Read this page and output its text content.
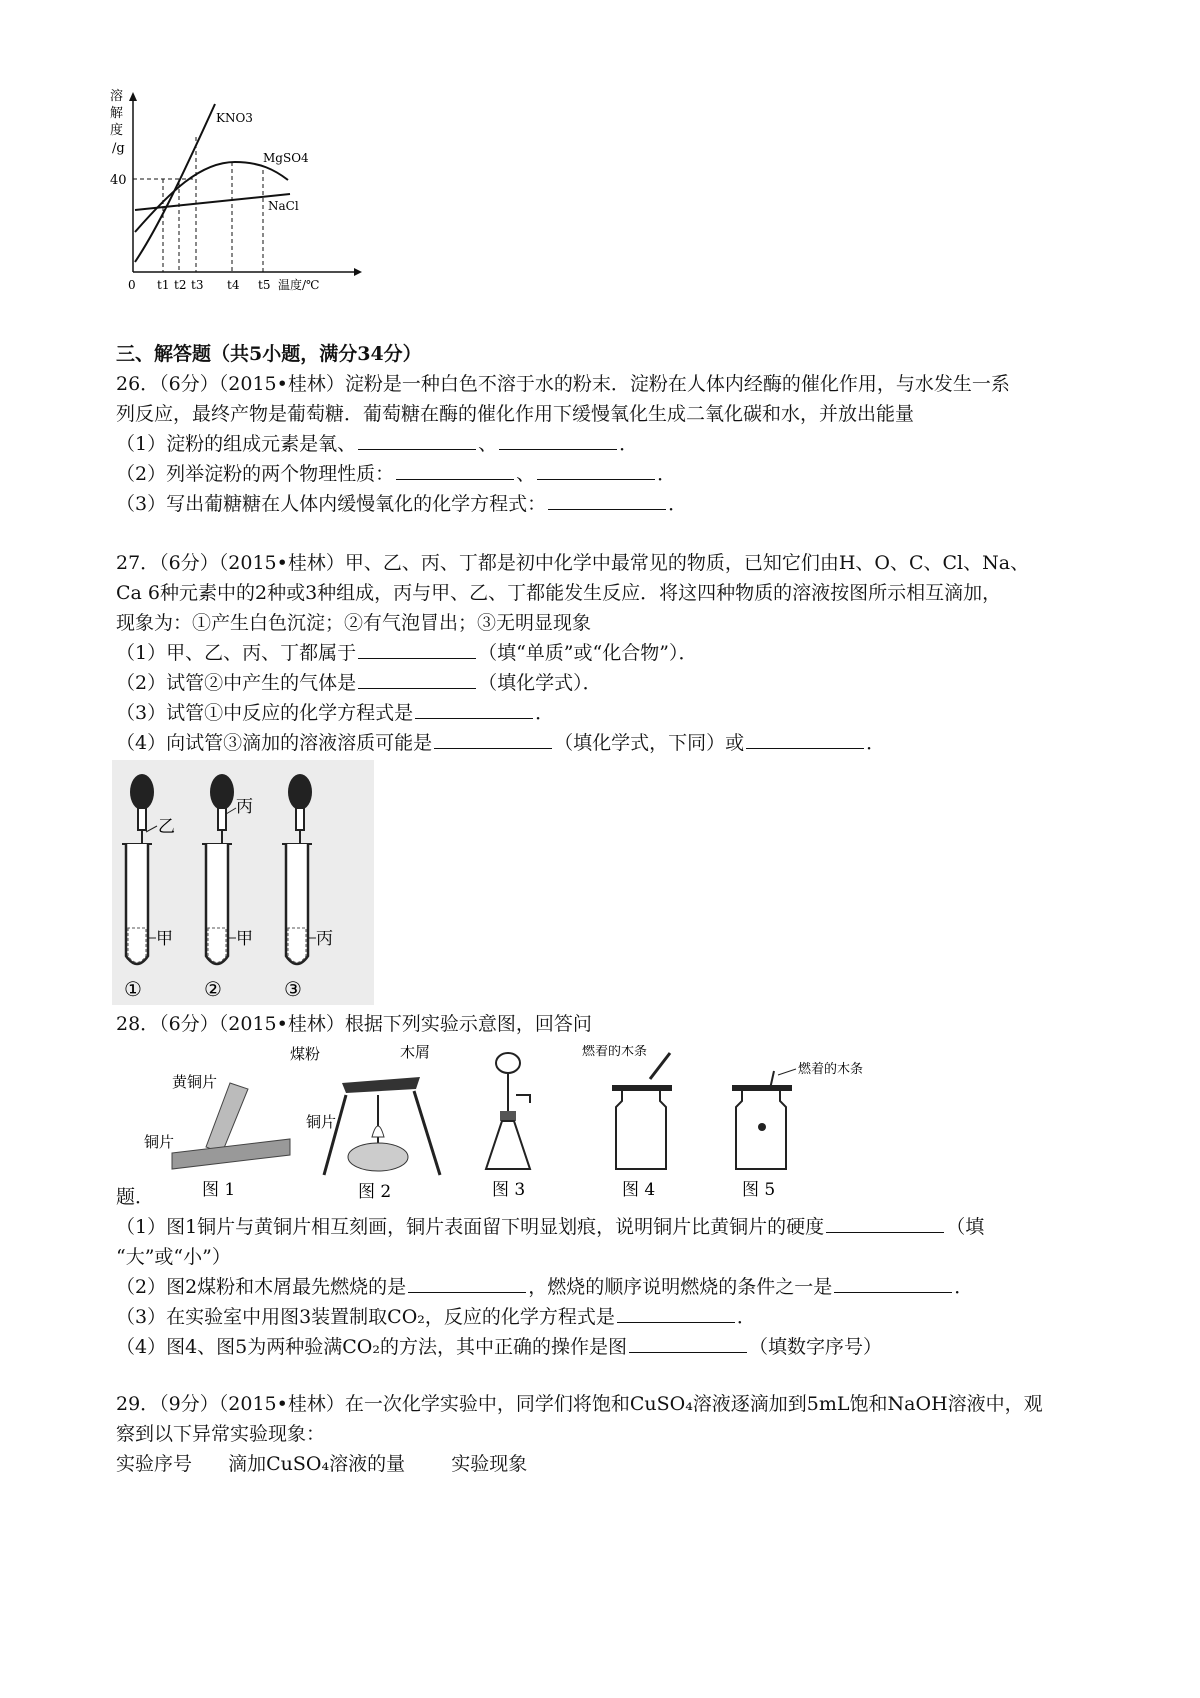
溶
解
度
/g
40
KNO3
MgSO4
NaCl
0 t1 t2 t3 t4 t5 温度/℃
三、解答题（共5小题，满分34分）
26．（6分）（2015•桂林）淀粉是一种白色不溶于水的粉末．淀粉在人体内经酶的催化作用，与水发生一系
列反应，最终产物是葡萄糖．葡萄糖在酶的催化作用下缓慢氧化生成二氧化碳和水，并放出能量
（1）淀粉的组成元素是氧、	、	．
（2）列举淀粉的两个物理性质：	、	．
（3）写出葡糖糖在人体内缓慢氧化的化学方程式：	．
27．（6分）（2015•桂林）甲、乙、丙、丁都是初中化学中最常见的物质，已知它们由H、O、C、Cl、Na、
Ca 6种元素中的2种或3种组成，丙与甲、乙、丁都能发生反应．将这四种物质的溶液按图所示相互滴加，
现象为：①产生白色沉淀；②有气泡冒出；③无明显现象
（1）甲、乙、丙、丁都属于	（填“单质”或“化合物”）．
（2）试管②中产生的气体是	（填化学式）．
（3）试管①中反应的化学方程式是	．
（4）向试管③滴加的溶液溶质可能是	（填化学式，下同）或	．
乙
丙
甲
①
甲
②
丙
③
28．（6分）（2015•桂林）根据下列实验示意图，回答问
黄铜片
铜片
图 1
煤粉	木屑
铜片
图 2	图 3
燃着的木条
图 4
燃着的木条
图 5
题．
（1）图1铜片与黄铜片相互刻画，铜片表面留下明显划痕，说明铜片比黄铜片的硬度	（填
“大”或“小”）
（2）图2煤粉和木屑最先燃烧的是	，燃烧的顺序说明燃烧的条件之一是	．
（3）在实验室中用图3装置制取CO₂，反应的化学方程式是	．
（4）图4、图5为两种验满CO₂的方法，其中正确的操作是图	（填数字序号）
29．（9分）（2015•桂林）在一次化学实验中，同学们将饱和CuSO₄溶液逐滴加到5mL饱和NaOH溶液中，观
察到以下异常实验现象：
实验序号 滴加CuSO₄溶液的量 实验现象
